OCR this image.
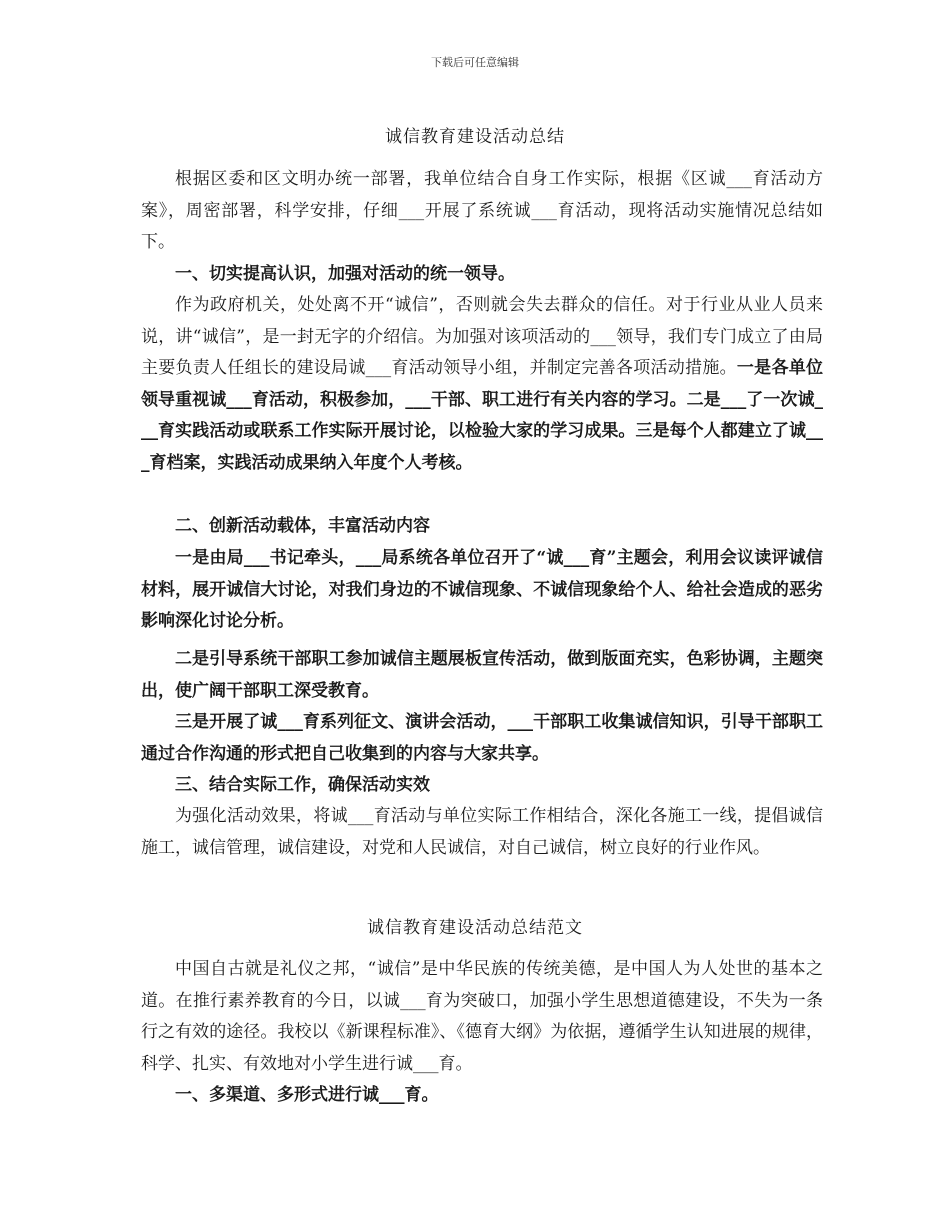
下载后可任意编辑
诚信教育建设活动总结

根据区委和区文明办统一部署，我单位结合自身工作实际，根据《区诚___育活动方案》，周密部署，科学安排，仔细___开展了系统诚___育活动，现将活动实施情况总结如下。

一、切实提高认识，加强对活动的统一领导。

作为政府机关，处处离不开“诚信”，否则就会失去群众的信任。对于行业从业人员来说，讲“诚信”，是一封无字的介绍信。为加强对该项活动的___领导，我们专门成立了由局主要负责人任组长的建设局诚___育活动领导小组，并制定完善各项活动措施。一是各单位领导重视诚___育活动，积极参加，___干部、职工进行有关内容的学习。二是___了一次诚___育实践活动或联系工作实际开展讨论，以检验大家的学习成果。三是每个人都建立了诚___育档案，实践活动成果纳入年度个人考核。

二、创新活动载体，丰富活动内容

一是由局___书记牵头，___局系统各单位召开了“诚___育”主题会，利用会议读评诚信材料，展开诚信大讨论，对我们身边的不诚信现象、不诚信现象给个人、给社会造成的恶劣影响深化讨论分析。

二是引导系统干部职工参加诚信主题展板宣传活动，做到版面充实，色彩协调，主题突出，使广阔干部职工深受教育。

三是开展了诚___育系列征文、演讲会活动，___干部职工收集诚信知识，引导干部职工通过合作沟通的形式把自己收集到的内容与大家共享。

三、结合实际工作，确保活动实效

为强化活动效果，将诚___育活动与单位实际工作相结合，深化各施工一线，提倡诚信施工，诚信管理，诚信建设，对党和人民诚信，对自己诚信，树立良好的行业作风。

诚信教育建设活动总结范文

中国自古就是礼仪之邦，“诚信”是中华民族的传统美德，是中国人为人处世的基本之道。在推行素养教育的今日，以诚___育为突破口，加强小学生思想道德建设，不失为一条行之有效的途径。我校以《新课程标准》、《德育大纲》为依据，遵循学生认知进展的规律，科学、扎实、有效地对小学生进行诚___育。

一、多渠道、多形式进行诚___育。
